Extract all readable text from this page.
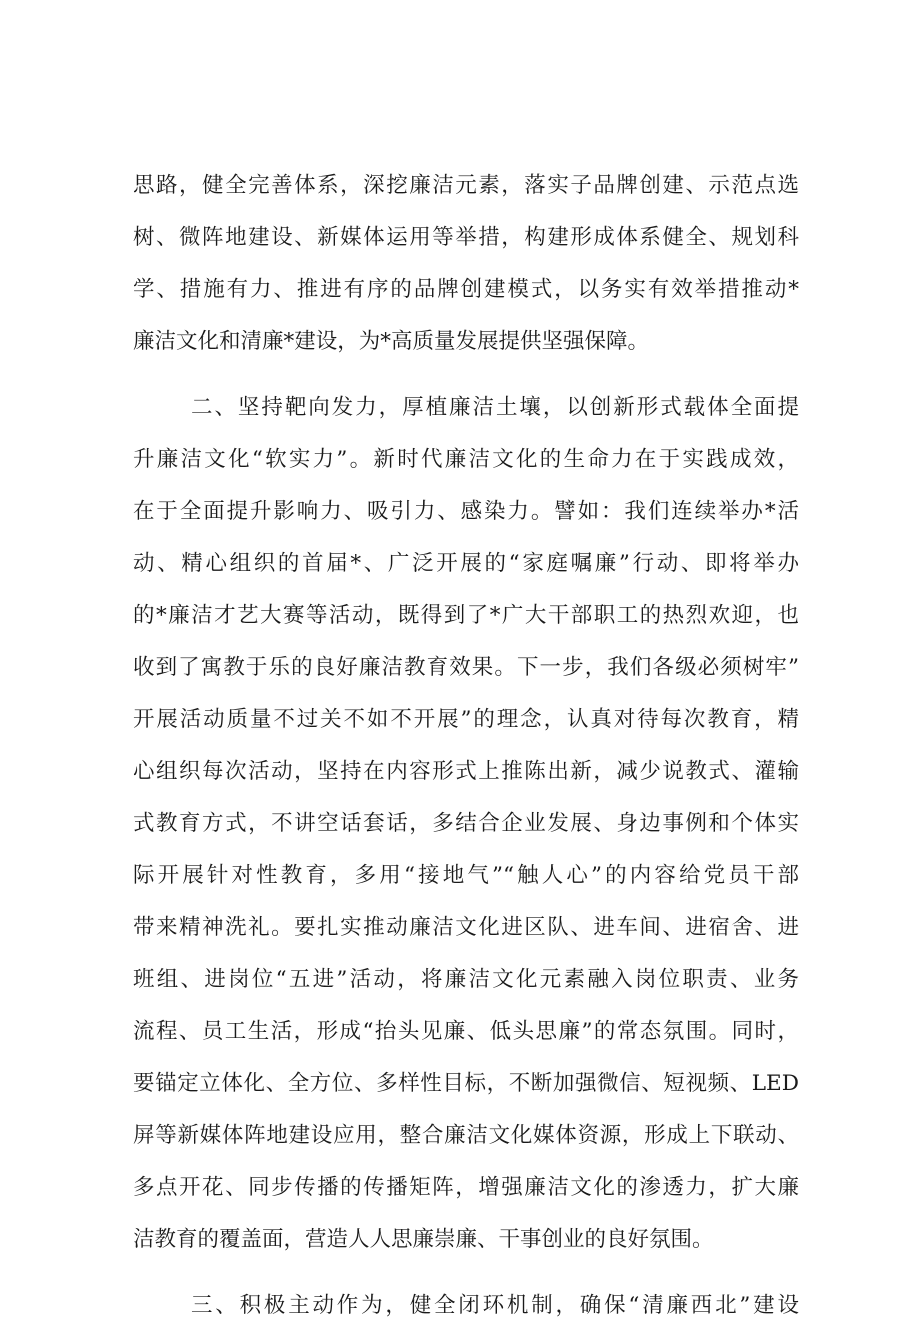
思路，健全完善体系，深挖廉洁元素，落实子品牌创建、示范点选
树、微阵地建设、新媒体运用等举措，构建形成体系健全、规划科
学、措施有力、推进有序的品牌创建模式，以务实有效举措推动*
廉洁文化和清廉*建设，为*高质量发展提供坚强保障。
二、坚持靶向发力，厚植廉洁土壤，以创新形式载体全面提
升廉洁文化“软实力”。新时代廉洁文化的生命力在于实践成效，
在于全面提升影响力、吸引力、感染力。譬如：我们连续举办*活
动、精心组织的首届*、广泛开展的“家庭嘱廉”行动、即将举办
的*廉洁才艺大赛等活动，既得到了*广大干部职工的热烈欢迎，也
收到了寓教于乐的良好廉洁教育效果。下一步，我们各级必须树牢”
开展活动质量不过关不如不开展”的理念，认真对待每次教育，精
心组织每次活动，坚持在内容形式上推陈出新，减少说教式、灌输
式教育方式，不讲空话套话，多结合企业发展、身边事例和个体实
际开展针对性教育，多用“接地气”“触人心”的内容给党员干部
带来精神洗礼。要扎实推动廉洁文化进区队、进车间、进宿舍、进
班组、进岗位“五进”活动，将廉洁文化元素融入岗位职责、业务
流程、员工生活，形成“抬头见廉、低头思廉”的常态氛围。同时，
要锚定立体化、全方位、多样性目标，不断加强微信、短视频、LED
屏等新媒体阵地建设应用，整合廉洁文化媒体资源，形成上下联动、
多点开花、同步传播的传播矩阵，增强廉洁文化的渗透力，扩大廉
洁教育的覆盖面，营造人人思廉崇廉、干事创业的良好氛围。
三、积极主动作为，健全闭环机制，确保“清廉西北”建设
